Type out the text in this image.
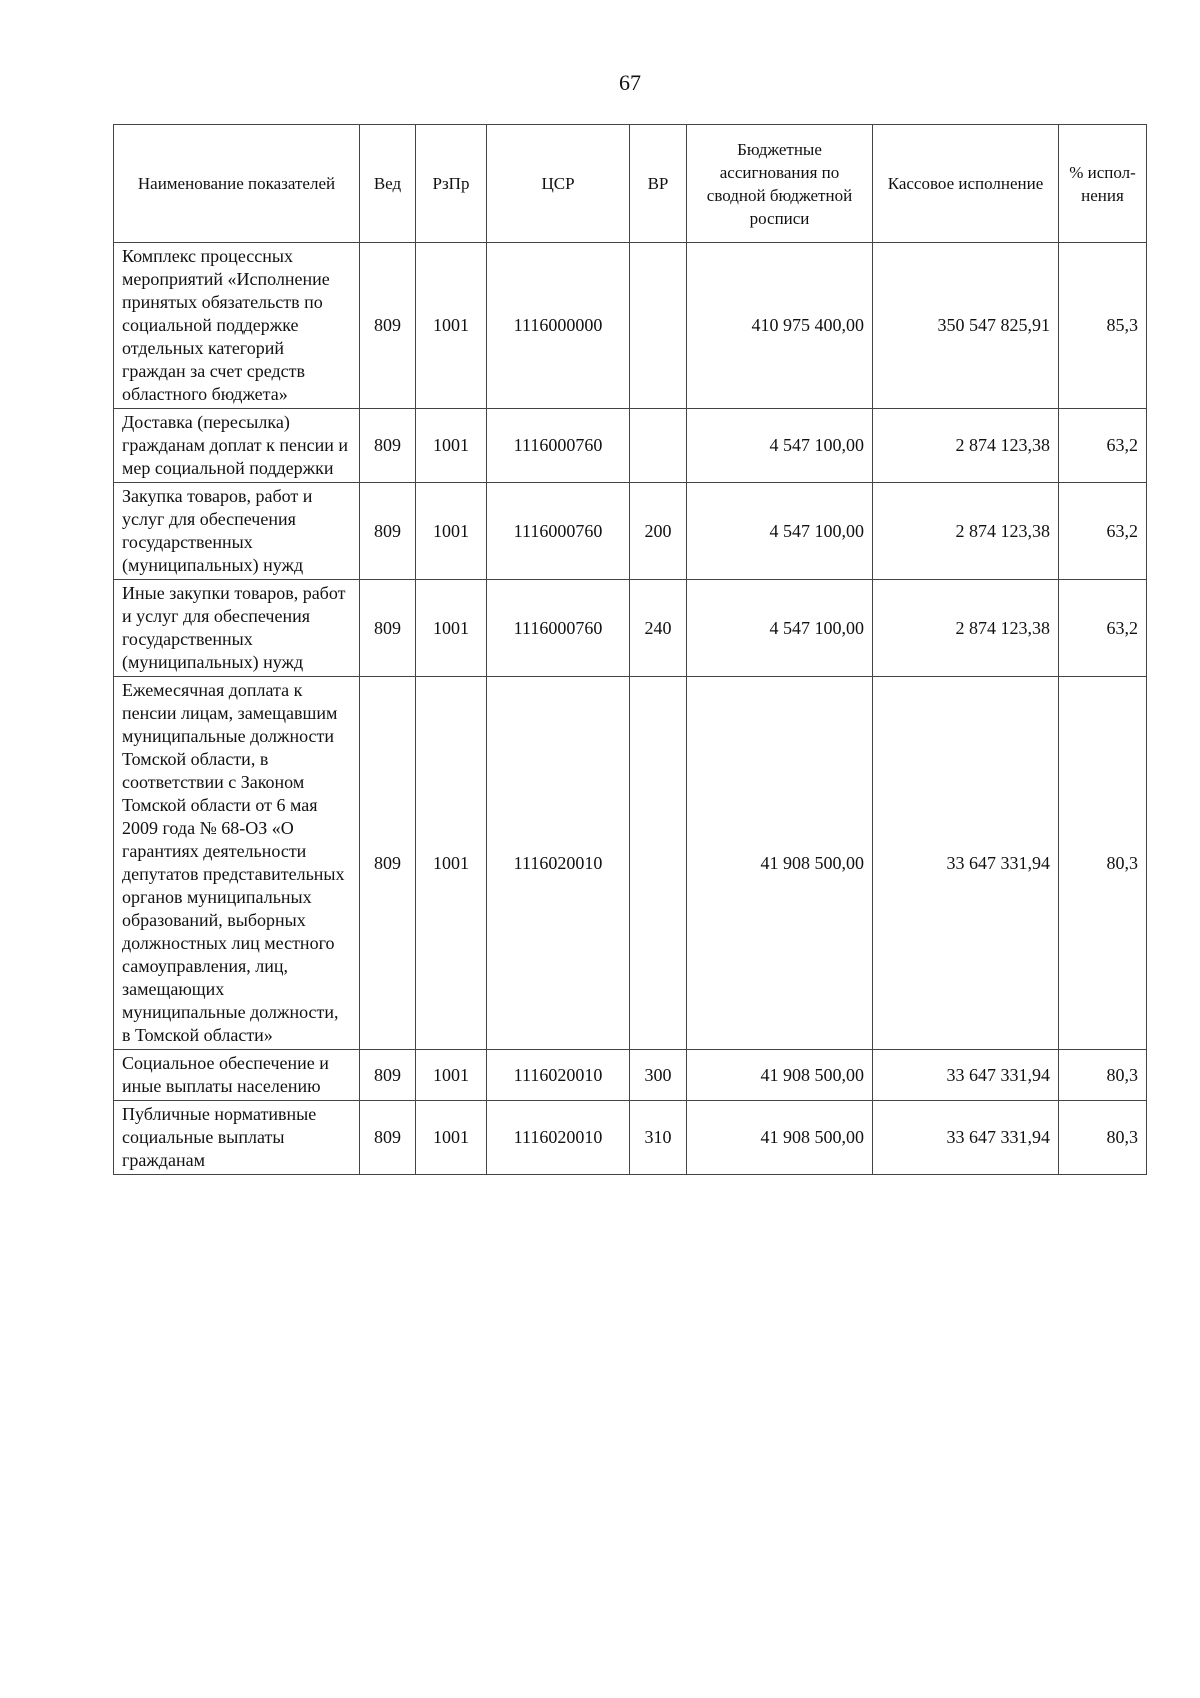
67
Наименование показателей	Вед	РзПр	ЦСР	ВР	Бюджетные ассигнования по сводной бюджетной росписи	Кассовое исполнение	% испол-нения
Комплекс процессных мероприятий «Исполнение принятых обязательств по социальной поддержке отдельных категорий граждан за счет средств областного бюджета»	809	1001	1116000000		410 975 400,00	350 547 825,91	85,3
Доставка (пересылка) гражданам доплат к пенсии и мер социальной поддержки	809	1001	1116000760		4 547 100,00	2 874 123,38	63,2
Закупка товаров, работ и услуг для обеспечения государственных (муниципальных) нужд	809	1001	1116000760	200	4 547 100,00	2 874 123,38	63,2
Иные закупки товаров, работ и услуг для обеспечения государственных (муниципальных) нужд	809	1001	1116000760	240	4 547 100,00	2 874 123,38	63,2
Ежемесячная доплата к пенсии лицам, замещавшим муниципальные должности Томской области, в соответствии с Законом Томской области от 6 мая 2009 года № 68-ОЗ «О гарантиях деятельности депутатов представительных органов муниципальных образований, выборных должностных лиц местного самоуправления, лиц, замещающих муниципальные должности, в Томской области»	809	1001	1116020010		41 908 500,00	33 647 331,94	80,3
Социальное обеспечение и иные выплаты населению	809	1001	1116020010	300	41 908 500,00	33 647 331,94	80,3
Публичные нормативные социальные выплаты гражданам	809	1001	1116020010	310	41 908 500,00	33 647 331,94	80,3
